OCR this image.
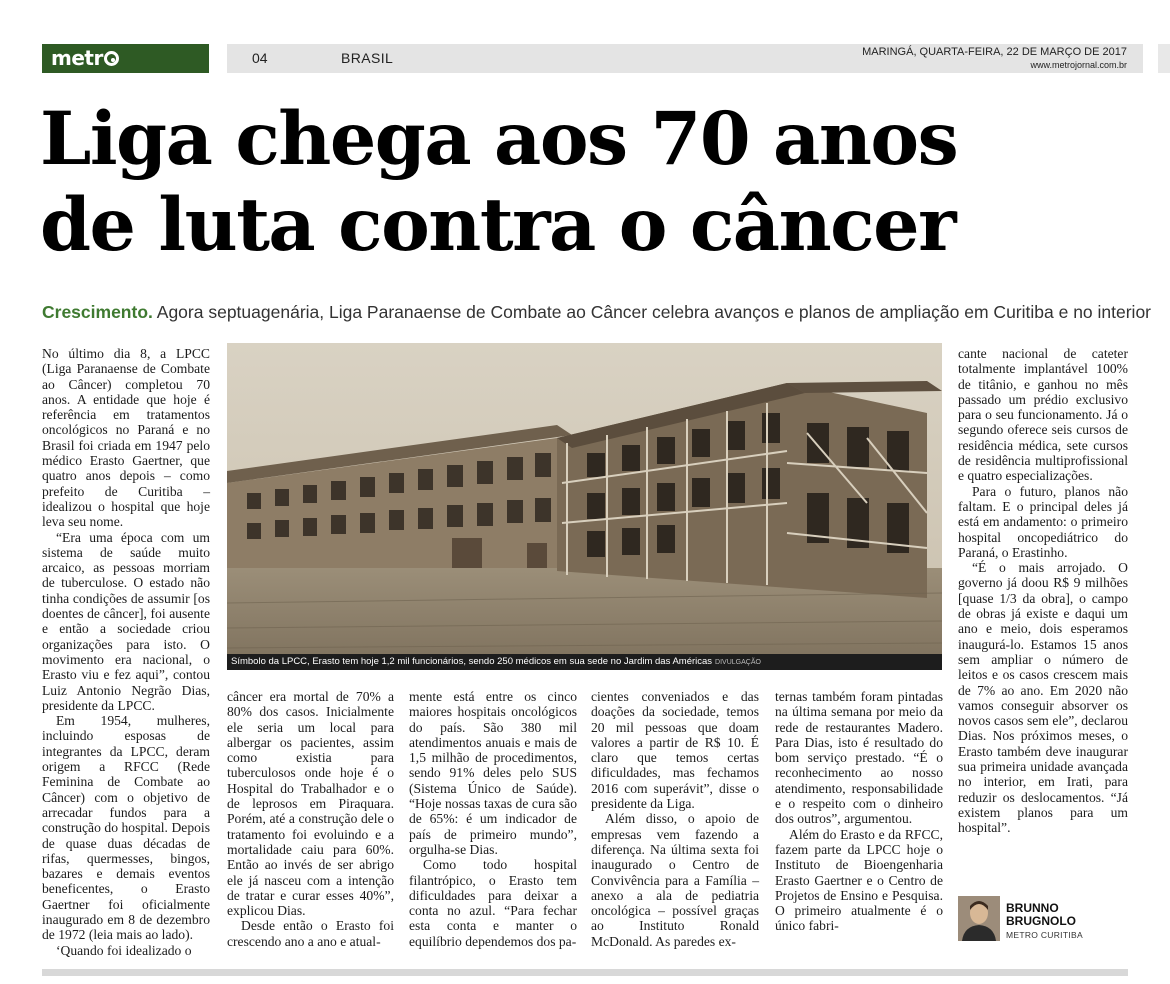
metr	04	BRASIL	MARINGÁ, QUARTA-FEIRA, 22 DE MARÇO DE 2017
www.metrojornal.com.br
Liga chega aos 70 anos
de luta contra o câncer
Crescimento. Agora septuagenária, Liga Paranaense de Combate ao Câncer celebra avanços e planos de ampliação em Curitiba e no interior
Símbolo da LPCC, Erasto tem hoje 1,2 mil funcionários, sendo 250 médicos em sua sede no Jardim das Américas DIVULGAÇÃO

No último dia 8, a LPCC (Liga Paranaense de Combate ao Câncer) completou 70 anos. A entidade que hoje é referência em tratamentos oncológicos no Paraná e no Brasil foi criada em 1947 pelo médico Erasto Gaertner, que quatro anos depois – como prefeito de Curitiba – idealizou o hospital que hoje leva seu nome.

“Era uma época com um sistema de saúde muito arcaico, as pessoas morriam de tuberculose. O estado não tinha condições de assumir [os doentes de câncer], foi ausente e então a sociedade criou organizações para isto. O movimento era nacional, o Erasto viu e fez aqui”, contou Luiz Antonio Negrão Dias, presidente da LPCC.

Em 1954, mulheres, incluindo esposas de integrantes da LPCC, deram origem a RFCC (Rede Feminina de Combate ao Câncer) com o objetivo de arrecadar fundos para a construção do hospital. Depois de quase duas décadas de rifas, quermesses, bingos, bazares e demais eventos beneficentes, o Erasto Gaertner foi oficialmente inaugurado em 8 de dezembro de 1972 (leia mais ao lado).

‘Quando foi idealizado o

câncer era mortal de 70% a 80% dos casos. Inicialmente ele seria um local para albergar os pacientes, assim como existia para tuberculosos onde hoje é o Hospital do Trabalhador e o de leprosos em Piraquara. Porém, até a construção dele o tratamento foi evoluindo e a mortalidade caiu para 60%. Então ao invés de ser abrigo ele já nasceu com a intenção de tratar e curar esses 40%”, explicou Dias.

Desde então o Erasto foi crescendo ano a ano e atual-

mente está entre os cinco maiores hospitais oncológicos do país. São 380 mil atendimentos anuais e mais de 1,5 milhão de procedimentos, sendo 91% deles pelo SUS (Sistema Único de Saúde). “Hoje nossas taxas de cura são de 65%: é um indicador de país de primeiro mundo”, orgulha-se Dias.

Como todo hospital filantrópico, o Erasto tem dificuldades para deixar a conta no azul. “Para fechar esta conta e manter o equilíbrio dependemos dos pa-

cientes conveniados e das doações da sociedade, temos 20 mil pessoas que doam valores a partir de R$ 10. É claro que temos certas dificuldades, mas fechamos 2016 com superávit”, disse o presidente da Liga.

Além disso, o apoio de empresas vem fazendo a diferença. Na última sexta foi inaugurado o Centro de Convivência para a Família – anexo a ala de pediatria oncológica – possível graças ao Instituto Ronald McDonald. As paredes ex-

ternas também foram pintadas na última semana por meio da rede de restaurantes Madero. Para Dias, isto é resultado do bom serviço prestado. “É o reconhecimento ao nosso atendimento, responsabilidade e o respeito com o dinheiro dos outros”, argumentou.

Além do Erasto e da RFCC, fazem parte da LPCC hoje o Instituto de Bioengenharia Erasto Gaertner e o Centro de Projetos de Ensino e Pesquisa. O primeiro atualmente é o único fabri-

cante nacional de cateter totalmente implantável 100% de titânio, e ganhou no mês passado um prédio exclusivo para o seu funcionamento. Já o segundo oferece seis cursos de residência médica, sete cursos de residência multiprofissional e quatro especializações.

Para o futuro, planos não faltam. E o principal deles já está em andamento: o primeiro hospital oncopediátrico do Paraná, o Erastinho.

“É o mais arrojado. O governo já doou R$ 9 milhões [quase 1/3 da obra], o campo de obras já existe e daqui um ano e meio, dois esperamos inaugurá-lo. Estamos 15 anos sem ampliar o número de leitos e os casos crescem mais de 7% ao ano. Em 2020 não vamos conseguir absorver os novos casos sem ele”, declarou Dias. Nos próximos meses, o Erasto também deve inaugurar sua primeira unidade avançada no interior, em Irati, para reduzir os deslocamentos. “Já existem planos para um hospital”.

BRUNNO
BRUGNOLO
METRO CURITIBA
